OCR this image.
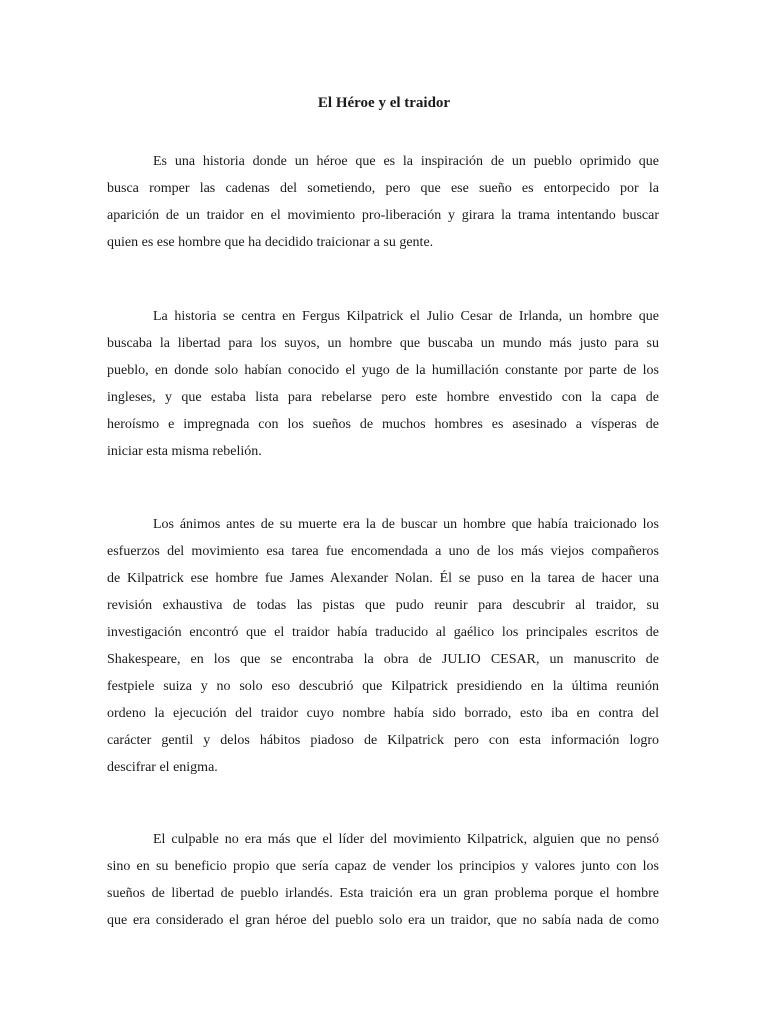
El Héroe y el traidor
Es una historia donde un héroe que es la inspiración de un pueblo oprimido que
busca romper las cadenas del sometiendo, pero que ese sueño es entorpecido por la
aparición de un traidor en el movimiento pro-liberación y girara la trama intentando buscar
quien es ese hombre que ha decidido traicionar a su gente.
La historia se centra en Fergus Kilpatrick el Julio Cesar de Irlanda, un hombre que
buscaba la libertad para los suyos, un hombre que buscaba un mundo más justo para su
pueblo, en donde solo habían conocido el yugo de la humillación constante por parte de los
ingleses, y que estaba lista para rebelarse pero este hombre envestido con la capa de
heroísmo e impregnada con los sueños de muchos hombres es asesinado a vísperas de
iniciar esta misma rebelión.
Los ánimos antes de su muerte era la de buscar un hombre que había traicionado los
esfuerzos del movimiento esa tarea fue encomendada a uno de los más viejos compañeros
de Kilpatrick ese hombre fue James Alexander Nolan. Él se puso en la tarea de hacer una
revisión exhaustiva de todas las pistas que pudo reunir para descubrir al traidor, su
investigación encontró que el traidor había traducido al gaélico los principales escritos de
Shakespeare, en los que se encontraba la obra de JULIO CESAR, un manuscrito de
festpiele suiza y no solo eso descubrió que Kilpatrick presidiendo en la última reunión
ordeno la ejecución del traidor cuyo nombre había sido borrado, esto iba en contra del
carácter gentil y delos hábitos piadoso de Kilpatrick pero con esta información logro
descifrar el enigma.
El culpable no era más que el líder del movimiento Kilpatrick, alguien que no pensó
sino en su beneficio propio que sería capaz de vender los principios y valores junto con los
sueños de libertad de pueblo irlandés. Esta traición era un gran problema porque el hombre
que era considerado el gran héroe del pueblo solo era un traidor, que no sabía nada de como
